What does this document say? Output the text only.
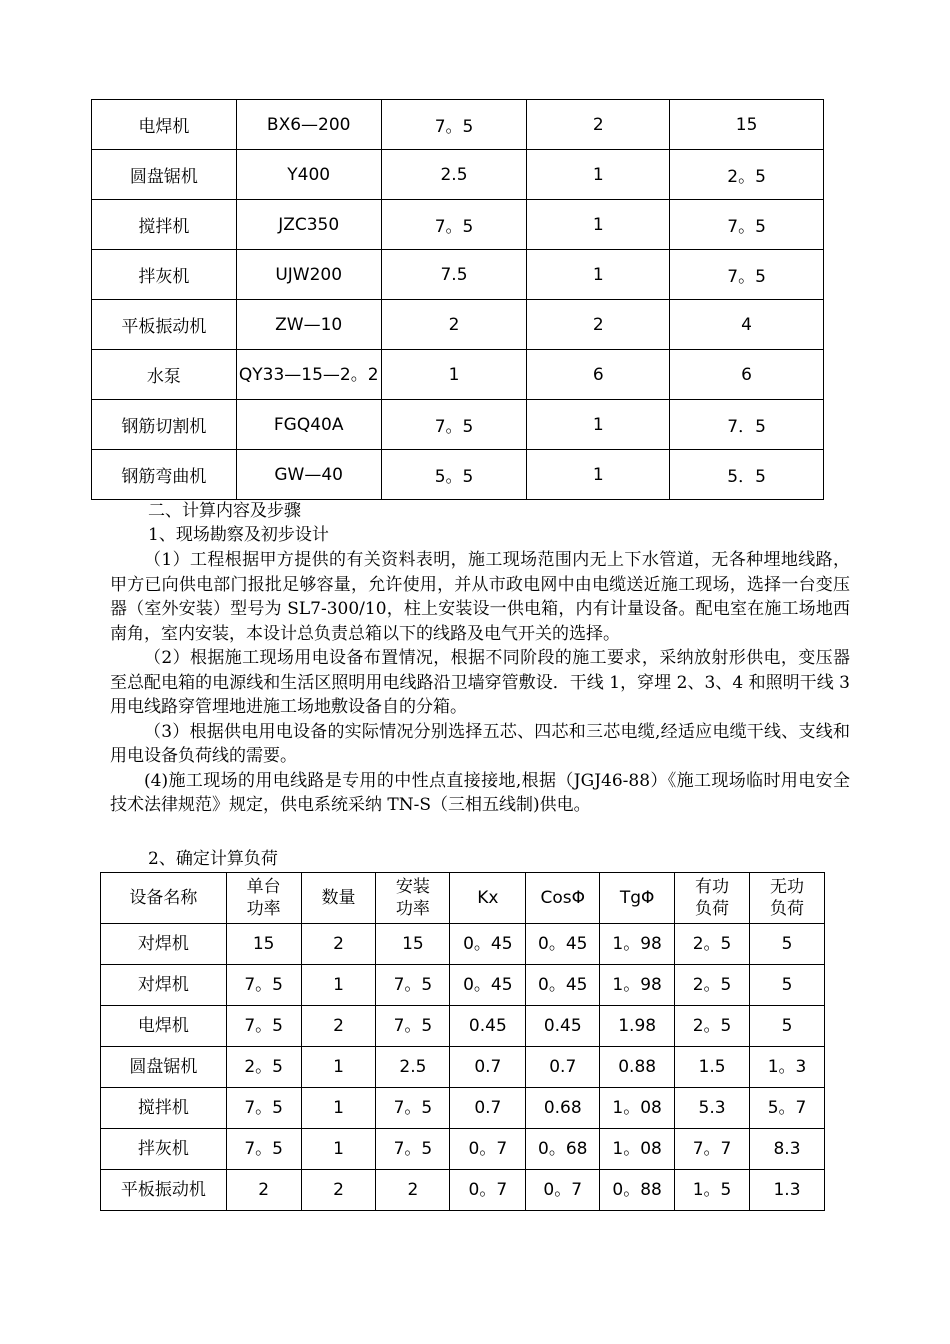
电焊机	BX6—200	7。5	2	15
圆盘锯机	Y400	2.5	1	2。5
搅拌机	JZC350	7。5	1	7。5
拌灰机	UJW200	7.5	1	7。5
平板振动机	ZW—10	2	2	4
水泵	QY33—15—2。2	1	6	6
钢筋切割机	FGQ40A	7。5	1	7．5
钢筋弯曲机	GW—40	5。5	1	5．5
二、计算内容及步骤
1、现场勘察及初步设计

（1）工程根据甲方提供的有关资料表明，施工现场范围内无上下水管道，无各种埋地线路，甲方已向供电部门报批足够容量，允许使用，并从市政电网中由电缆送近施工现场，选择一台变压器（室外安装）型号为 SL7-300/10，柱上安装设一供电箱，内有计量设备。配电室在施工场地西南角，室内安装，本设计总负责总箱以下的线路及电气开关的选择。

（2）根据施工现场用电设备布置情况，根据不同阶段的施工要求，采纳放射形供电，变压器至总配电箱的电源线和生活区照明用电线路沿卫墙穿管敷设．干线 1，穿埋 2、3、4 和照明干线 3 用电线路穿管埋地进施工场地敷设备自的分箱。

（3）根据供电用电设备的实际情况分别选择五芯、四芯和三芯电缆,经适应电缆干线、支线和用电设备负荷线的需要。

(4)施工现场的用电线路是专用的中性点直接接地,根据（JGJ46-88）《施工现场临时用电安全技术法律规范》规定，供电系统采纳 TN-S（三相五线制)供电。

2、确定计算负荷
设备名称	单台功率	数量	安装功率	Kx	CosΦ	TgΦ	有功负荷	无功负荷
对焊机	15	2	15	0。45	0。45	1。98	2。5	5
对焊机	7。5	1	7。5	0。45	0。45	1。98	2。5	5
电焊机	7。5	2	7。5	0.45	0.45	1.98	2。5	5
圆盘锯机	2。5	1	2.5	0.7	0.7	0.88	1.5	1。3
搅拌机	7。5	1	7。5	0.7	0.68	1。08	5.3	5。7
拌灰机	7。5	1	7。5	0。7	0。68	1。08	7。7	8.3
平板振动机	2	2	2	0。7	0。7	0。88	1。5	1.3
